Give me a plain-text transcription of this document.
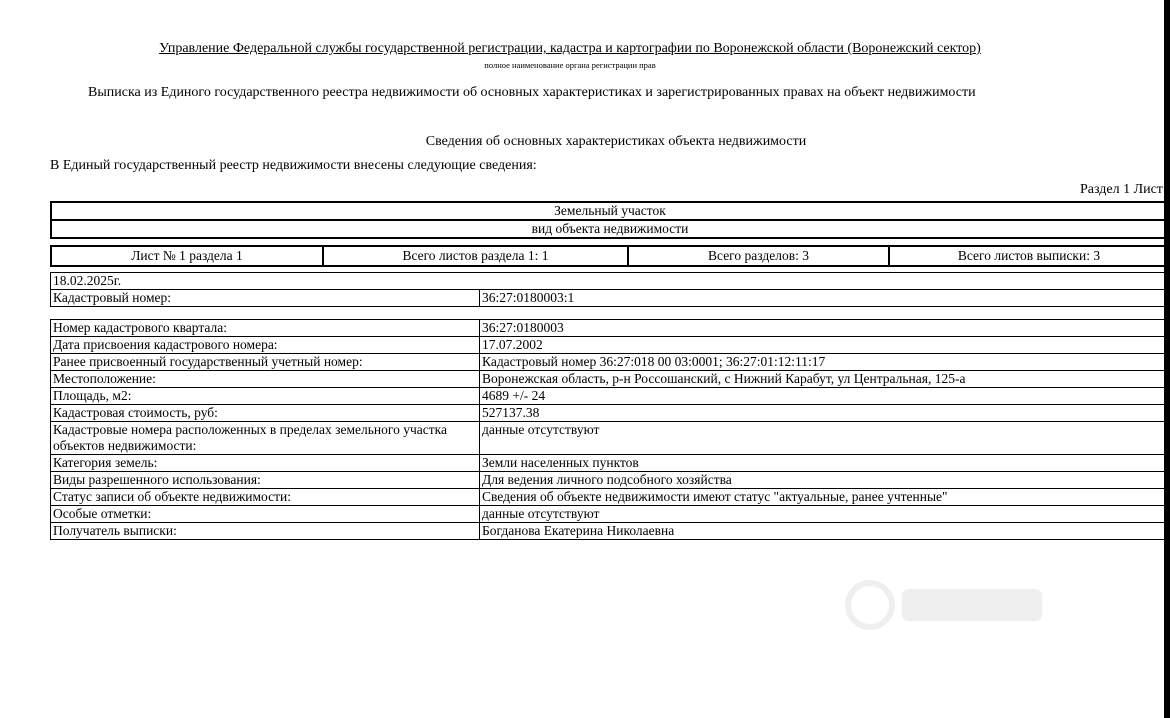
Управление Федеральной службы государственной регистрации, кадастра и картографии по Воронежской области (Воронежский сектор)
полное наименование органа регистрации прав
Выписка из Единого государственного реестра недвижимости об основных характеристиках и зарегистрированных правах на объект недвижимости
Сведения об основных характеристиках объекта недвижимости
В Единый государственный реестр недвижимости внесены следующие сведения:
Раздел 1 Лист
Земельный участок
вид объекта недвижимости
Лист № 1 раздела 1	Всего листов раздела 1: 1	Всего разделов: 3	Всего листов выписки: 3
18.02.2025г.
Кадастровый номер:	36:27:0180003:1
Номер кадастрового квартала:	36:27:0180003
Дата присвоения кадастрового номера:	17.07.2002
Ранее присвоенный государственный учетный номер:	Кадастровый номер 36:27:018 00 03:0001; 36:27:01:12:11:17
Местоположение:	Воронежская область, р-н Россошанский, с Нижний Карабут, ул Центральная, 125-а
Площадь, м2:	4689 +/- 24
Кадастровая стоимость, руб:	527137.38
Кадастровые номера расположенных в пределах земельного участка объектов недвижимости:	данные отсутствуют
Категория земель:	Земли населенных пунктов
Виды разрешенного использования:	Для ведения личного подсобного хозяйства
Статус записи об объекте недвижимости:	Сведения об объекте недвижимости имеют статус "актуальные, ранее учтенные"
Особые отметки:	данные отсутствуют
Получатель выписки:	Богданова Екатерина Николаевна
